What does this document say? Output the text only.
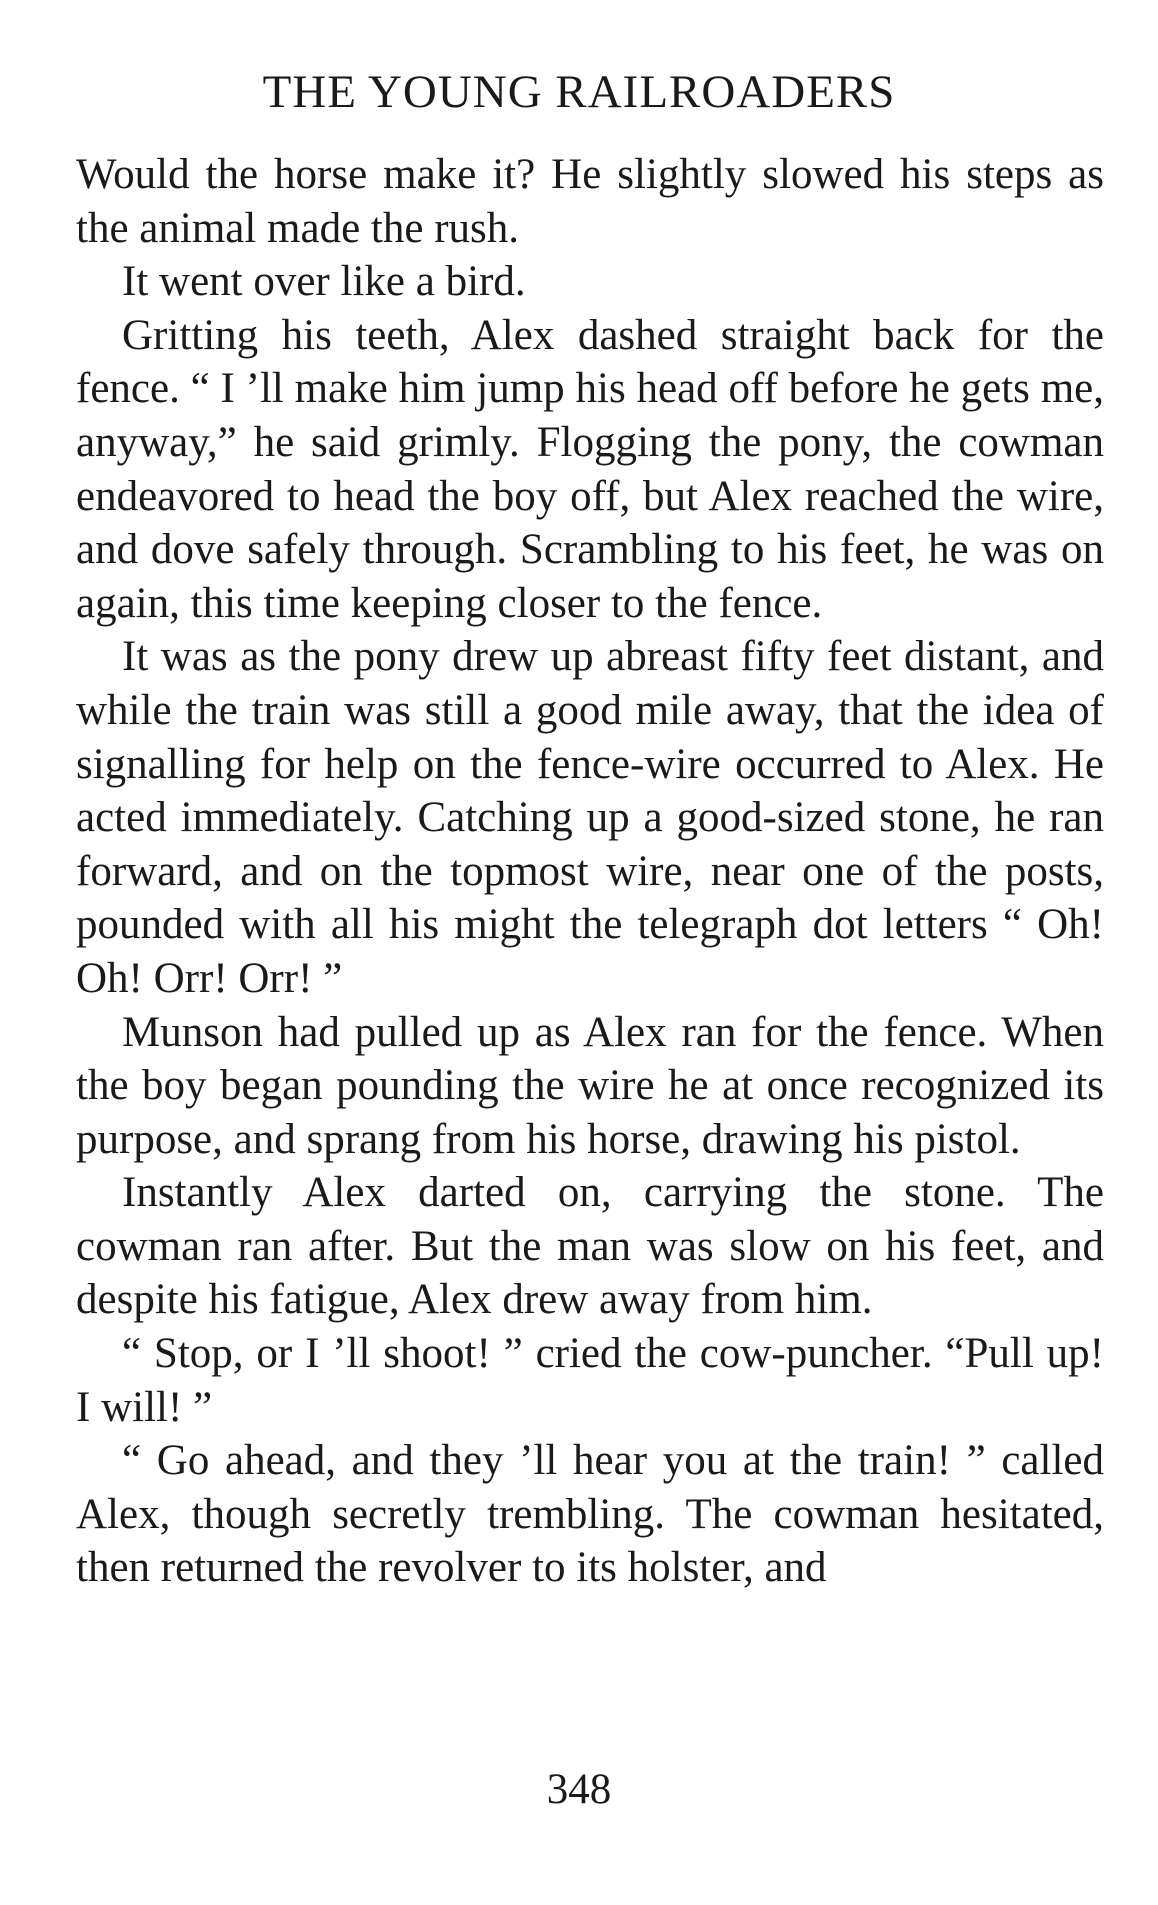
THE YOUNG RAILROADERS

Would the horse make it? He slightly slowed his steps as the animal made the rush.

It went over like a bird.

Gritting his teeth, Alex dashed straight back for the fence. “ I ’ll make him jump his head off before he gets me, anyway,” he said grimly. Flogging the pony, the cowman endeavored to head the boy off, but Alex reached the wire, and dove safely through. Scrambling to his feet, he was on again, this time keeping closer to the fence.

It was as the pony drew up abreast fifty feet distant, and while the train was still a good mile away, that the idea of signalling for help on the fence-wire occurred to Alex. He acted immediately. Catching up a good-sized stone, he ran forward, and on the topmost wire, near one of the posts, pounded with all his might the telegraph dot letters “ Oh! Oh! Orr! Orr! ”

Munson had pulled up as Alex ran for the fence. When the boy began pounding the wire he at once recognized its purpose, and sprang from his horse, drawing his pistol.

Instantly Alex darted on, carrying the stone. The cowman ran after. But the man was slow on his feet, and despite his fatigue, Alex drew away from him.

“ Stop, or I ’ll shoot! ” cried the cow-puncher. “Pull up! I will! ”

“ Go ahead, and they ’ll hear you at the train! ” called Alex, though secretly trembling. The cowman hesitated, then returned the revolver to its holster, and

348
